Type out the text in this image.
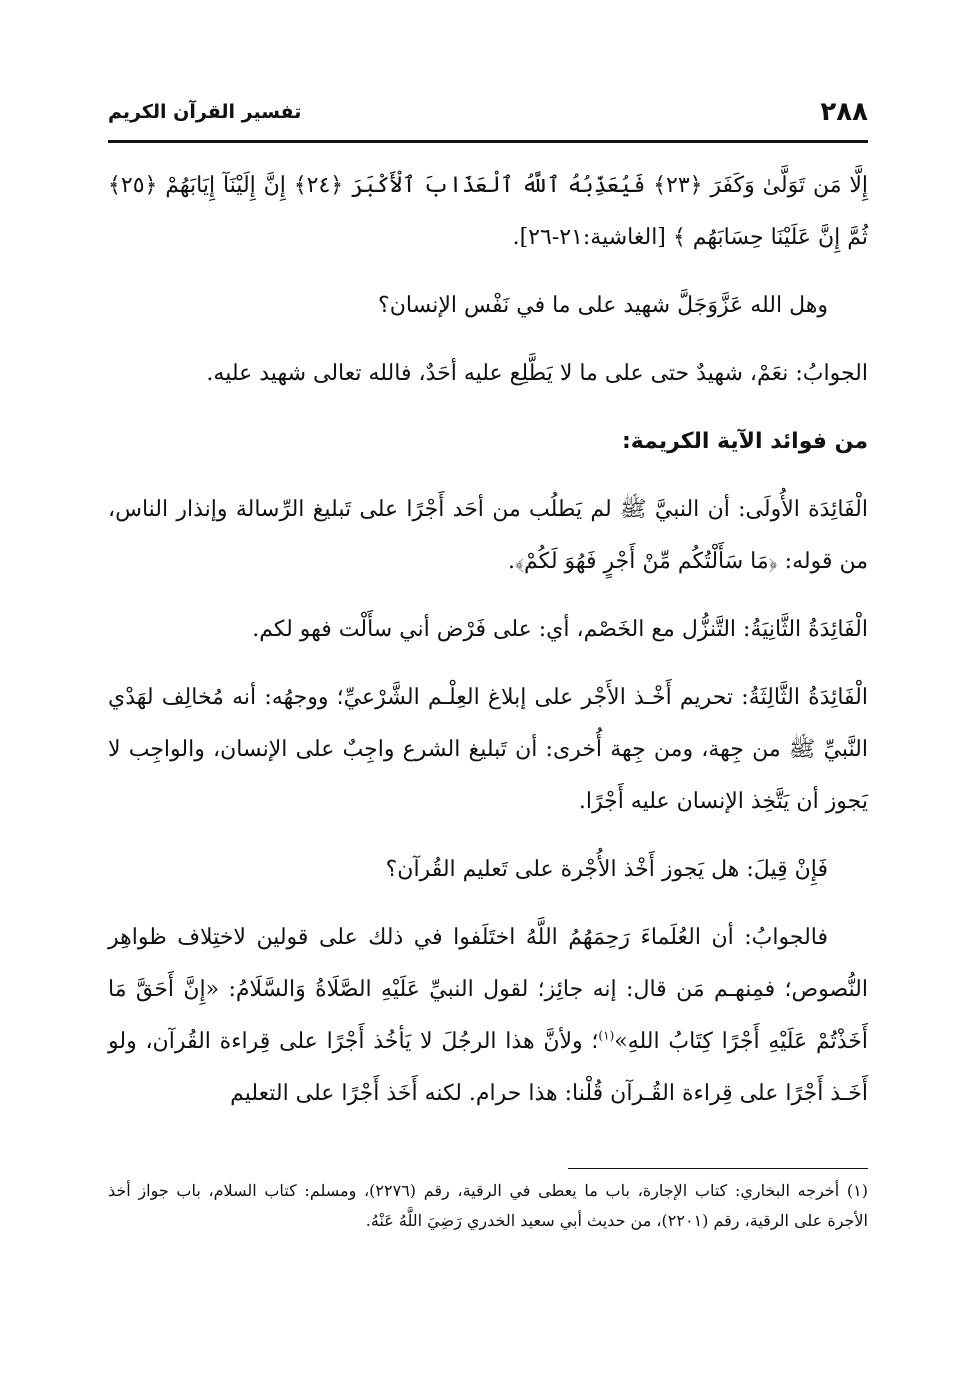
تفسير القرآن الكريم	٢٨٨

إِلَّا مَن تَوَلَّىٰ وَكَفَرَ ﴿٢٣﴾ فَيُعَذِّبُهُ ٱللَّهُ ٱلْعَذَابَ ٱلْأَكْبَرَ ﴿٢٤﴾ إِنَّ إِلَيْنَآ إِيَابَهُمْ ﴿٢٥﴾ ثُمَّ إِنَّ عَلَيْنَا حِسَابَهُم ﴾ [الغاشية:٢١-٢٦].

وهل الله عَزَّوَجَلَّ شهيد على ما في نَفْس الإنسان؟

الجوابُ: نعَمْ، شهيدٌ حتى على ما لا يَطَّلِع عليه أحَدٌ، فالله تعالى شهيد عليه.

من فوائد الآية الكريمة:

الْفَائِدَة الأُولَى: أن النبيَّ ﷺ لم يَطلُب من أحَد أَجْرًا على تَبليغ الرِّسالة وإنذار الناس، من قوله: ﴿مَا سَأَلْتُكُم مِّنْ أَجْرٍ فَهُوَ لَكُمْ﴾.

الْفَائِدَةُ الثَّانِيَةُ: التَّنزُّل مع الخَصْم، أي: على فَرْض أني سأَلْت فهو لكم.

الْفَائِدَةُ الثَّالِثَةُ: تحريم أَخْـذ الأَجْر على إبلاغ العِلْـم الشَّرْعيِّ؛ ووجهُه: أنه مُخالِف لهَدْي النَّبيِّ ﷺ من جِهة، ومن جِهة أُخرى: أن تَبليغ الشرع واجِبٌ على الإنسان، والواجِب لا يَجوز أن يَتَّخِذ الإنسان عليه أَجْرًا.

فَإِنْ قِيلَ: هل يَجوز أَخْذ الأُجْرة على تَعليم القُرآن؟

فالجوابُ: أن العُلَماءَ رَحِمَهُمُ اللَّهُ اختَلَفوا في ذلك على قولين لاختِلاف ظواهِر النُّصوص؛ فمِنهـم مَن قال: إنه جائِز؛ لقول النبيِّ عَلَيْهِ الصَّلَاةُ وَالسَّلَامُ: «إِنَّ أَحَقَّ مَا أَخَذْتُمْ عَلَيْهِ أَجْرًا كِتَابُ اللهِ»$^{(١)}$؛ ولأنَّ هذا الرجُلَ لا يَأخُذ أَجْرًا على قِراءة القُرآن، ولو أَخَـذ أَجْرًا على قِراءة القُـرآن قُلْنا: هذا حرام. لكنه أَخَذ أَجْرًا على التعليم

(١) أخرجه البخاري: كتاب الإجارة، باب ما يعطى في الرقية، رقم (٢٢٧٦)، ومسلم: كتاب السلام، باب جواز أخذ الأجرة على الرقية، رقم (٢٢٠١)، من حديث أبي سعيد الخدري رَضِيَ اللَّهُ عَنْهُ.
